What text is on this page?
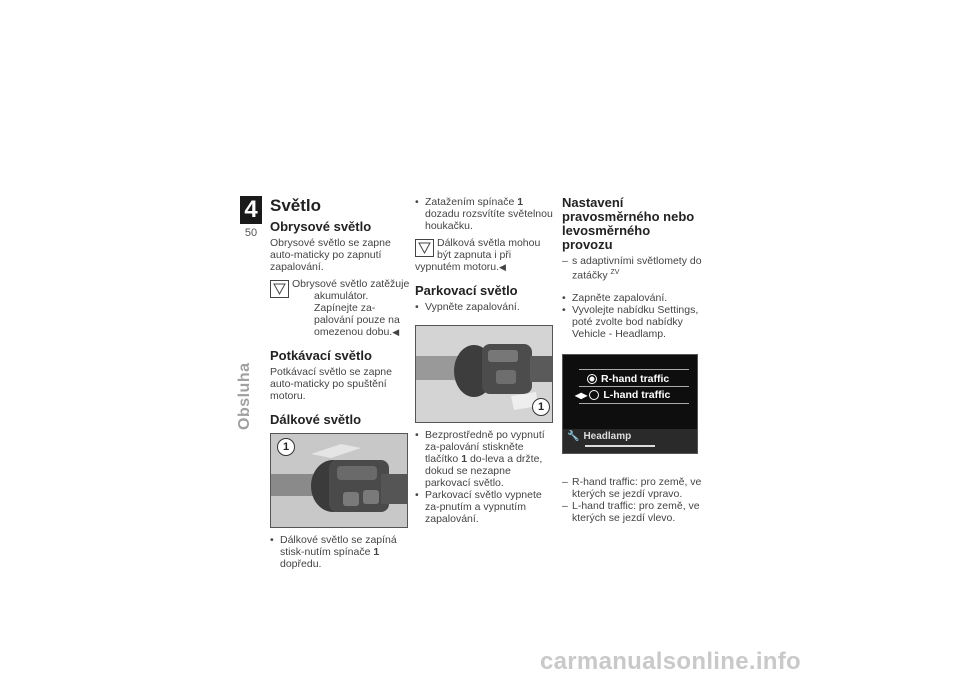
4
50
Obsluha
Světlo
Obrysové světlo

Obrysové světlo se zapne auto-maticky po zapnutí zapalování.

Obrysové světlo zatěžuje akumulátor. Zapínejte za-palování pouze na omezenou dobu.◀

Potkávací světlo

Potkávací světlo se zapne auto-maticky po spuštění motoru.

Dálkové světlo
1

• Dálkové světlo se zapíná stisk-nutím spínače 1 dopředu.

• Zatažením spínače 1 dozadu rozsvítíte světelnou houkačku.

Dálková světla mohou být zapnuta i při vypnutém motoru.◀

Parkovací světlo

• Vypněte zapalování.

1

• Bezprostředně po vypnutí za-palování stiskněte tlačítko 1 do-leva a držte, dokud se nezapne parkovací světlo.

• Parkovací světlo vypnete za-pnutím a vypnutím zapalování.

Nastavení pravosměrného nebo levosměrného provozu

– s adaptivními světlomety do zatáčky $^{ZV}$

• Zapněte zapalování.

• Vyvolejte nabídku Settings, poté zvolte bod nabídky Vehicle - Headlamp.

R-hand traffic
◀▶ L-hand traffic
🔧 Headlamp

– R-hand traffic: pro země, ve kterých se jezdí vpravo.

– L-hand traffic: pro země, ve kterých se jezdí vlevo.

carmanualsonline.info
